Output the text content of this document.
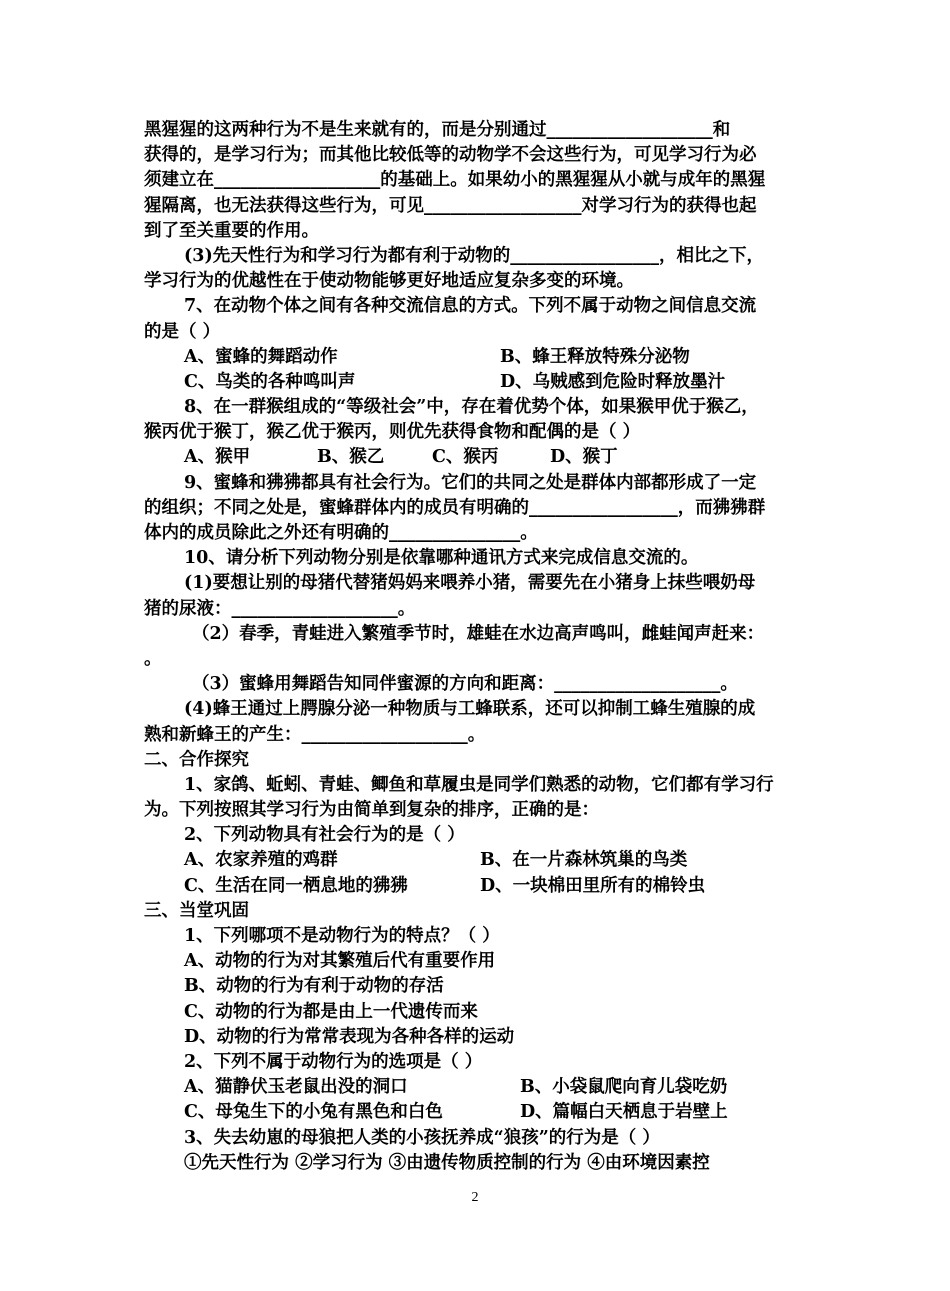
黑猩猩的这两种行为不是生来就有的，而是分别通过___________________和
获得的，是学习行为；而其他比较低等的动物学不会这些行为，可见学习行为必
须建立在___________________的基础上。如果幼小的黑猩猩从小就与成年的黑猩
猩隔离，也无法获得这些行为，可见__________________对学习行为的获得也起
到了至关重要的作用。
(3)先天性行为和学习行为都有利于动物的_________________，相比之下，
学习行为的优越性在于使动物能够更好地适应复杂多变的环境。
7、在动物个体之间有各种交流信息的方式。下列不属于动物之间信息交流
的是（ ）
A、蜜蜂的舞蹈动作	B、蜂王释放特殊分泌物
C、鸟类的各种鸣叫声	D、乌贼感到危险时释放墨汁
8、在一群猴组成的“等级社会”中，存在着优势个体，如果猴甲优于猴乙，
猴丙优于猴丁，猴乙优于猴丙，则优先获得食物和配偶的是（ ）
A、猴甲	B、猴乙	C、猴丙	D、猴丁
9、蜜蜂和狒狒都具有社会行为。它们的共同之处是群体内部都形成了一定
的组织；不同之处是，蜜蜂群体内的成员有明确的_________________，而狒狒群
体内的成员除此之外还有明确的_______________。
10、请分析下列动物分别是依靠哪种通讯方式来完成信息交流的。
(1)要想让别的母猪代替猪妈妈来喂养小猪，需要先在小猪身上抹些喂奶母
猪的尿液：___________________。
（2）春季，青蛙进入繁殖季节时，雄蛙在水边高声鸣叫，雌蛙闻声赶来：
。
（3）蜜蜂用舞蹈告知同伴蜜源的方向和距离：___________________。
(4)蜂王通过上腭腺分泌一种物质与工蜂联系，还可以抑制工蜂生殖腺的成
熟和新蜂王的产生：___________________。
二、合作探究
1、家鸽、蚯蚓、青蛙、鲫鱼和草履虫是同学们熟悉的动物，它们都有学习行
为。下列按照其学习行为由简单到复杂的排序，正确的是：
2、下列动物具有社会行为的是（ ）
A、农家养殖的鸡群	B、在一片森林筑巢的鸟类
C、生活在同一栖息地的狒狒	D、一块棉田里所有的棉铃虫
三、当堂巩固
1、下列哪项不是动物行为的特点？（ ）
A、动物的行为对其繁殖后代有重要作用
B、动物的行为有利于动物的存活
C、动物的行为都是由上一代遗传而来
D、动物的行为常常表现为各种各样的运动
2、下列不属于动物行为的选项是（ ）
A、猫静伏玉老鼠出没的洞口	B、小袋鼠爬向育儿袋吃奶
C、母兔生下的小兔有黑色和白色	D、篇幅白天栖息于岩壁上
3、失去幼崽的母狼把人类的小孩抚养成“狼孩”的行为是（ ）
①先天性行为 ②学习行为 ③由遗传物质控制的行为 ④由环境因素控
2
